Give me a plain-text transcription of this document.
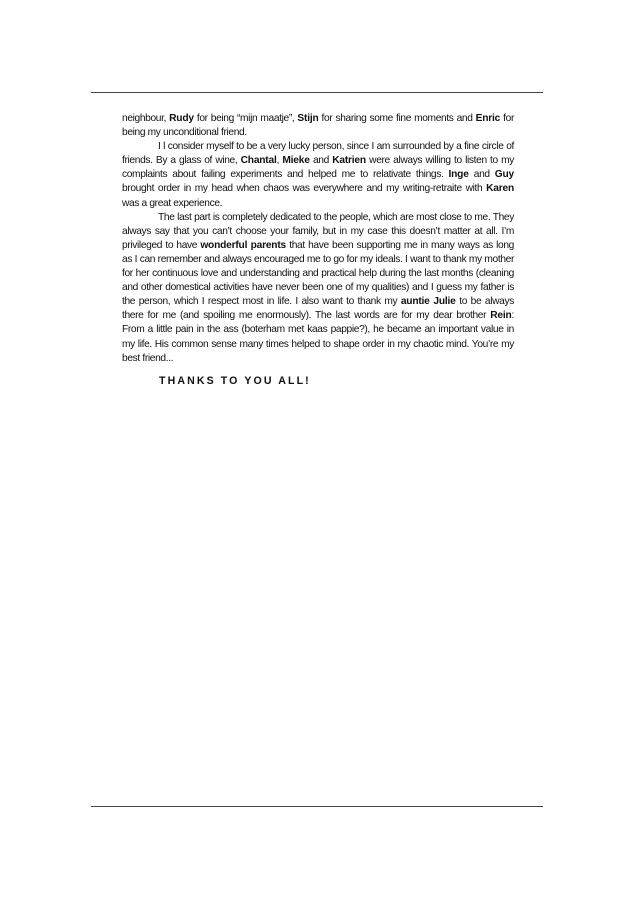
neighbour, Rudy for being “mijn maatje”, Stijn for sharing some fine moments and Enric for being my unconditional friend.

I l consider myself to be a very lucky person, since I am surrounded by a fine circle of friends. By a glass of wine, Chantal, Mieke and Katrien were always willing to listen to my complaints about failing experiments and helped me to relativate things. Inge and Guy brought order in my head when chaos was everywhere and my writing-retraite with Karen was a great experience.

The last part is completely dedicated to the people, which are most close to me. They always say that you can’t choose your family, but in my case this doesn’t matter at all. I’m privileged to have wonderful parents that have been supporting me in many ways as long as I can remember and always encouraged me to go for my ideals. I want to thank my mother for her continuous love and understanding and practical help during the last months (cleaning and other domestical activities have never been one of my qualities) and I guess my father is the person, which I respect most in life. I also want to thank my auntie Julie to be always there for me (and spoiling me enormously). The last words are for my dear brother Rein: From a little pain in the ass (boterham met kaas pappie?), he became an important value in my life. His common sense many times helped to shape order in my chaotic mind. You’re my best friend...

THANKS TO YOU ALL!
